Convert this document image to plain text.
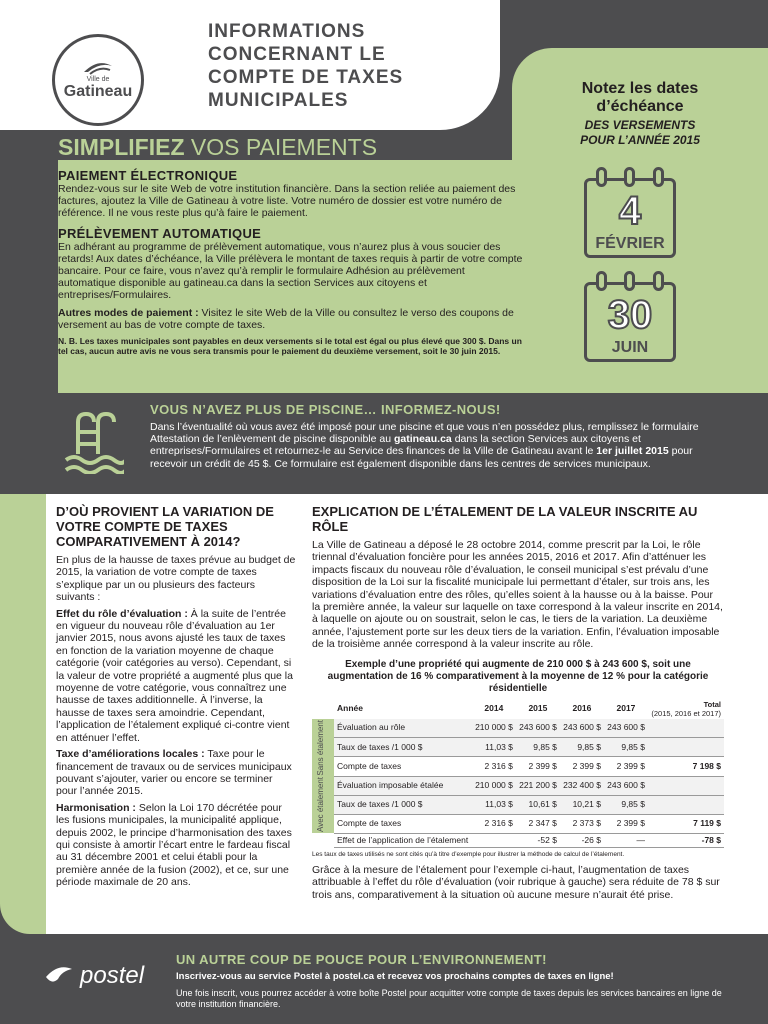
Ville de
Gatineau
INFORMATIONS
CONCERNANT LE
COMPTE DE TAXES
MUNICIPALES
Notez les dates
d’échéance
DES VERSEMENTS
POUR L’ANNÉE 2015
4
FÉVRIER
30
JUIN
SIMPLIFIEZ VOS PAIEMENTS
PAIEMENT ÉLECTRONIQUE

Rendez-vous sur le site Web de votre institution financière. Dans la section reliée au paiement des factures, ajoutez la Ville de Gatineau à votre liste. Votre numéro de dossier est votre numéro de référence. Il ne vous reste plus qu’à faire le paiement.

PRÉLÈVEMENT AUTOMATIQUE

En adhérant au programme de prélèvement automatique, vous n’aurez plus à vous soucier des retards! Aux dates d’échéance, la Ville prélèvera le montant de taxes requis à partir de votre compte bancaire. Pour ce faire, vous n’avez qu’à remplir le formulaire Adhésion au prélèvement automatique disponible au gatineau.ca dans la section Services aux citoyens et entreprises/Formulaires.

Autres modes de paiement : Visitez le site Web de la Ville ou consultez le verso des coupons de versement au bas de votre compte de taxes.

N. B. Les taxes municipales sont payables en deux versements si le total est égal ou plus élevé que 300 $. Dans un tel cas, aucun autre avis ne vous sera transmis pour le paiement du deuxième versement, soit le 30 juin 2015.

VOUS N’AVEZ PLUS DE PISCINE… INFORMEZ-NOUS!

Dans l’éventualité où vous avez été imposé pour une piscine et que vous n’en possédez plus, remplissez le formulaire Attestation de l’enlèvement de piscine disponible au gatineau.ca dans la section Services aux citoyens et entreprises/Formulaires et retournez-le au Service des finances de la Ville de Gatineau avant le 1er juillet 2015 pour recevoir un crédit de 45 $. Ce formulaire est également disponible dans les centres de services municipaux.

D’OÙ PROVIENT LA VARIATION DE VOTRE COMPTE DE TAXES COMPARATIVEMENT À 2014?

En plus de la hausse de taxes prévue au budget de 2015, la variation de votre compte de taxes s’explique par un ou plusieurs des facteurs suivants :

Effet du rôle d’évaluation : À la suite de l’entrée en vigueur du nouveau rôle d’évaluation au 1er janvier 2015, nous avons ajusté les taux de taxes en fonction de la variation moyenne de chaque catégorie (voir catégories au verso). Cependant, si la valeur de votre propriété a augmenté plus que la moyenne de votre catégorie, vous connaîtrez une hausse de taxes additionnelle. À l’inverse, la hausse de taxes sera amoindrie. Cependant, l’application de l’étalement expliqué ci-contre vient en atténuer l’effet.

Taxe d’améliorations locales : Taxe pour le financement de travaux ou de services municipaux pouvant s’ajouter, varier ou encore se terminer pour l’année 2015.

Harmonisation : Selon la Loi 170 décrétée pour les fusions municipales, la municipalité applique, depuis 2002, le principe d’harmonisation des taxes qui consiste à amortir l’écart entre le fardeau fiscal au 31 décembre 2001 et celui établi pour la première année de la fusion (2002), et ce, sur une période maximale de 20 ans.

EXPLICATION DE L’ÉTALEMENT DE LA VALEUR INSCRITE AU RÔLE

La Ville de Gatineau a déposé le 28 octobre 2014, comme prescrit par la Loi, le rôle triennal d’évaluation foncière pour les années 2015, 2016 et 2017. Afin d’atténuer les impacts fiscaux du nouveau rôle d’évaluation, le conseil municipal s’est prévalu d’une disposition de la Loi sur la fiscalité municipale lui permettant d’étaler, sur trois ans, les variations d’évaluation entre des rôles, qu’elles soient à la hausse ou à la baisse. Pour la première année, la valeur sur laquelle on taxe correspond à la valeur inscrite en 2014, à laquelle on ajoute ou on soustrait, selon le cas, le tiers de la variation. La deuxième année, l’ajustement porte sur les deux tiers de la variation. Enfin, l’évaluation imposable de la troisième année correspond à la valeur inscrite au rôle.

Exemple d’une propriété qui augmente de 210 000 $ à 243 600 $, soit une augmentation de 16 % comparativement à la moyenne de 12 % pour la catégorie résidentielle

	Année	2014	2015	2016	2017	Total
(2015, 2016 et 2017)

Sans étalement	Évaluation au rôle	210 000 $	243 600 $	243 600 $	243 600 $	
	Taux de taxes /1 000 $	11,03 $	9,85 $	9,85 $	9,85 $	
	Compte de taxes	2 316 $	2 399 $	2 399 $	2 399 $	7 198 $

Avec étalement	Évaluation imposable étalée	210 000 $	221 200 $	232 400 $	243 600 $	
	Taux de taxes /1 000 $	11,03 $	10,61 $	10,21 $	9,85 $	
	Compte de taxes	2 316 $	2 347 $	2 373 $	2 399 $	7 119 $
	Effet de l’application de l’étalement		-52 $	-26 $	—	-78 $

Les taux de taxes utilisés ne sont cités qu’à titre d’exemple pour illustrer la méthode de calcul de l’étalement.

Grâce à la mesure de l’étalement pour l’exemple ci-haut, l’augmentation de taxes attribuable à l’effet du rôle d’évaluation (voir rubrique à gauche) sera réduite de 78 $ sur trois ans, comparativement à la situation où aucune mesure n’aurait été prise.

postel
UN AUTRE COUP DE POUCE POUR L’ENVIRONNEMENT!
Inscrivez-vous au service Postel à postel.ca et recevez vos prochains comptes de taxes en ligne!

Une fois inscrit, vous pourrez accéder à votre boîte Postel pour acquitter votre compte de taxes depuis les services bancaires en ligne de votre institution financière.
